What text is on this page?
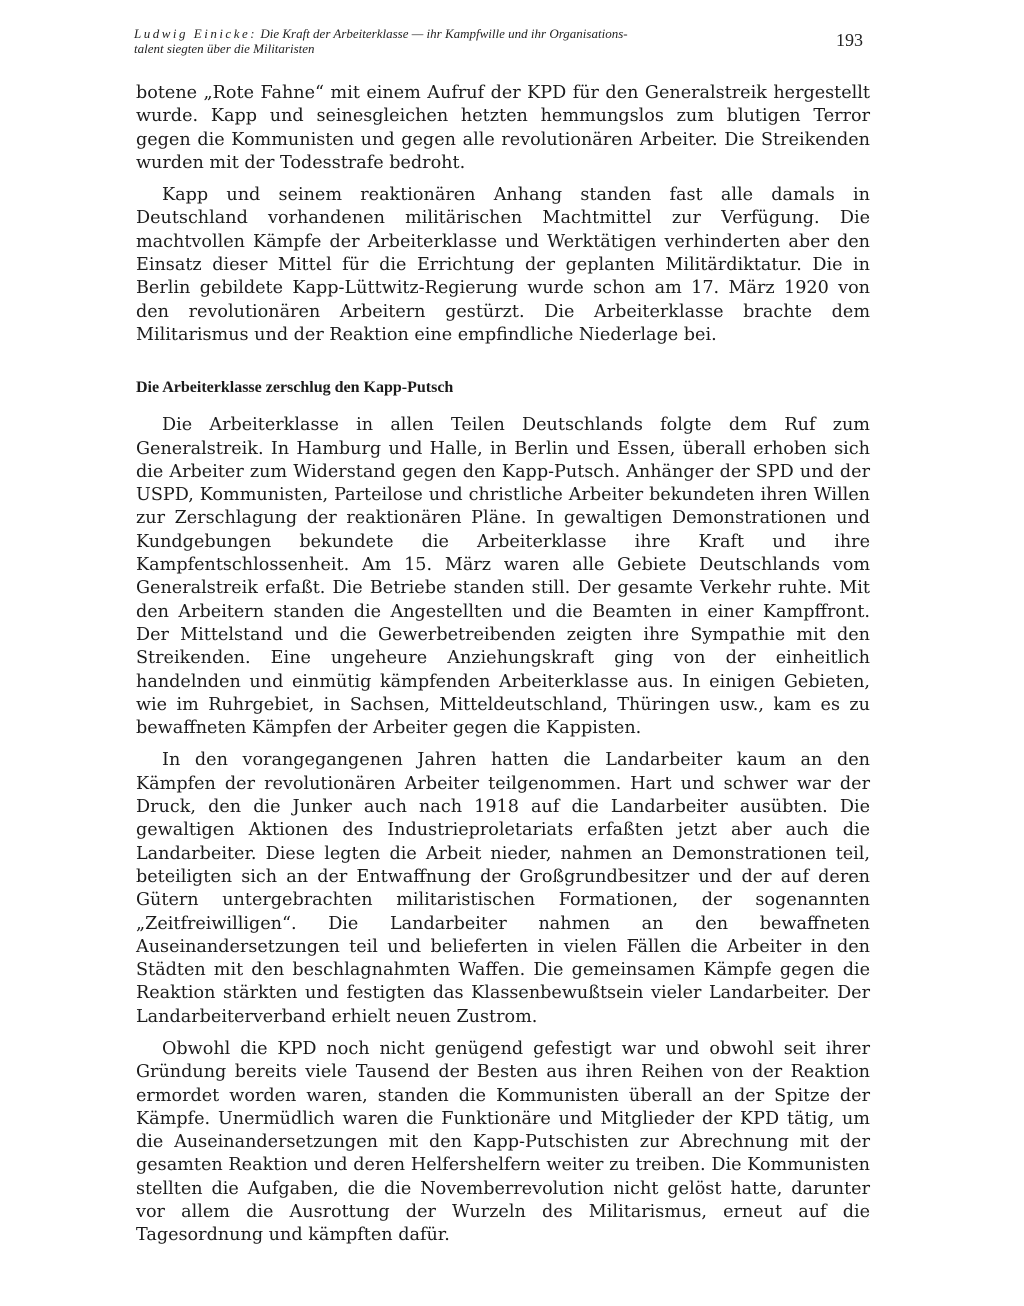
Ludwig Einicke: Die Kraft der Arbeiterklasse — ihr Kampfwille und ihr Organisations-
talent siegten über die Militaristen	193

botene „Rote Fahne“ mit einem Aufruf der KPD für den Generalstreik hergestellt wurde. Kapp und seinesgleichen hetzten hemmungslos zum blutigen Terror gegen die Kommunisten und gegen alle revolutionären Arbeiter. Die Streikenden wurden mit der Todesstrafe bedroht.

Kapp und seinem reaktionären Anhang standen fast alle damals in Deutschland vorhandenen militärischen Machtmittel zur Verfügung. Die machtvollen Kämpfe der Arbeiterklasse und Werktätigen verhinderten aber den Einsatz dieser Mittel für die Errichtung der geplanten Militärdiktatur. Die in Berlin gebildete Kapp-Lüttwitz-Regierung wurde schon am 17. März 1920 von den revolutionären Arbeitern gestürzt. Die Arbeiterklasse brachte dem Militarismus und der Reaktion eine empfindliche Niederlage bei.

Die Arbeiterklasse zerschlug den Kapp-Putsch

Die Arbeiterklasse in allen Teilen Deutschlands folgte dem Ruf zum Generalstreik. In Hamburg und Halle, in Berlin und Essen, überall erhoben sich die Arbeiter zum Widerstand gegen den Kapp-Putsch. Anhänger der SPD und der USPD, Kommunisten, Parteilose und christliche Arbeiter bekundeten ihren Willen zur Zerschlagung der reaktionären Pläne. In gewaltigen Demonstrationen und Kundgebungen bekundete die Arbeiterklasse ihre Kraft und ihre Kampfentschlossenheit. Am 15. März waren alle Gebiete Deutschlands vom Generalstreik erfaßt. Die Betriebe standen still. Der gesamte Verkehr ruhte. Mit den Arbeitern standen die Angestellten und die Beamten in einer Kampffront. Der Mittelstand und die Gewerbetreibenden zeigten ihre Sympathie mit den Streikenden. Eine ungeheure Anziehungskraft ging von der einheitlich handelnden und einmütig kämpfenden Arbeiterklasse aus. In einigen Gebieten, wie im Ruhrgebiet, in Sachsen, Mitteldeutschland, Thüringen usw., kam es zu bewaffneten Kämpfen der Arbeiter gegen die Kappisten.

In den vorangegangenen Jahren hatten die Landarbeiter kaum an den Kämpfen der revolutionären Arbeiter teilgenommen. Hart und schwer war der Druck, den die Junker auch nach 1918 auf die Landarbeiter ausübten. Die gewaltigen Aktionen des Industrieproletariats erfaßten jetzt aber auch die Landarbeiter. Diese legten die Arbeit nieder, nahmen an Demonstrationen teil, beteiligten sich an der Entwaffnung der Großgrundbesitzer und der auf deren Gütern untergebrachten militaristischen Formationen, der sogenannten „Zeitfreiwilligen“. Die Landarbeiter nahmen an den bewaffneten Auseinandersetzungen teil und belieferten in vielen Fällen die Arbeiter in den Städten mit den beschlagnahmten Waffen. Die gemeinsamen Kämpfe gegen die Reaktion stärkten und festigten das Klassenbewußtsein vieler Landarbeiter. Der Landarbeiterverband erhielt neuen Zustrom.

Obwohl die KPD noch nicht genügend gefestigt war und obwohl seit ihrer Gründung bereits viele Tausend der Besten aus ihren Reihen von der Reaktion ermordet worden waren, standen die Kommunisten überall an der Spitze der Kämpfe. Unermüdlich waren die Funktionäre und Mitglieder der KPD tätig, um die Auseinandersetzungen mit den Kapp-Putschisten zur Abrechnung mit der gesamten Reaktion und deren Helfershelfern weiter zu treiben. Die Kommunisten stellten die Aufgaben, die die Novemberrevolution nicht gelöst hatte, darunter vor allem die Ausrottung der Wurzeln des Militarismus, erneut auf die Tagesordnung und kämpften dafür.
